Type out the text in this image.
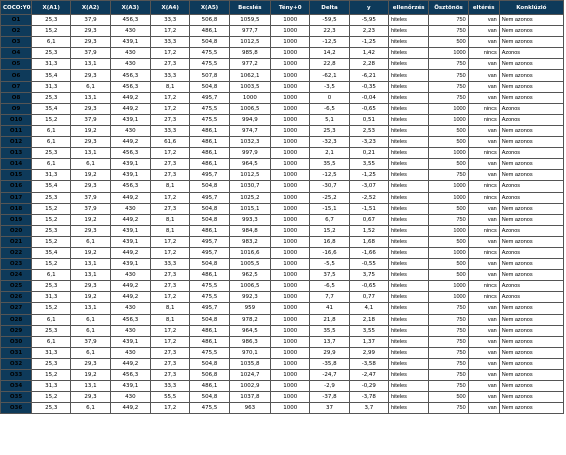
COCO:Y0	X(A1)	X(A2)	X(A3)	X(A4)	X(A5)	Becslés	Tény+0	Delta	y	ellenőrzés	Ösztönös	eltérés	Konklúzió
O1	25,3	37,9	456,3	33,3	506,8	1059,5	1000	-59,5	-5,95	hiteles	750	van	Nem azonos
O2	15,2	29,3	430	17,2	486,1	977,7	1000	22,3	2,23	hiteles	750	van	Nem azonos
O3	6,1	29,3	439,1	33,3	504,8	1012,5	1000	-12,5	-1,25	hiteles	500	van	Nem azonos
O4	25,3	37,9	430	17,2	475,5	985,8	1000	14,2	1,42	hiteles	1000	nincs	Azonos
O5	31,3	13,1	430	27,3	475,5	977,2	1000	22,8	2,28	hiteles	750	van	Nem azonos
O6	35,4	29,3	456,3	33,3	507,8	1062,1	1000	-62,1	-6,21	hiteles	750	van	Nem azonos
O7	31,3	6,1	456,3	8,1	504,8	1003,5	1000	-3,5	-0,35	hiteles	750	van	Nem azonos
O8	25,3	13,1	449,2	17,2	495,7	1000	1000	0	-0,04	hiteles	750	van	Nem azonos
O9	35,4	29,3	449,2	17,2	475,5	1006,5	1000	-6,5	-0,65	hiteles	1000	nincs	Azonos
O10	15,2	37,9	439,1	27,3	475,5	994,9	1000	5,1	0,51	hiteles	1000	nincs	Azonos
O11	6,1	19,2	430	33,3	486,1	974,7	1000	25,3	2,53	hiteles	500	van	Nem azonos
O12	6,1	29,3	449,2	61,6	486,1	1032,3	1000	-32,3	-3,23	hiteles	500	van	Nem azonos
O13	25,3	13,1	456,3	17,2	486,1	997,9	1000	2,1	0,21	hiteles	1000	nincs	Azonos
O14	6,1	6,1	439,1	27,3	486,1	964,5	1000	35,5	3,55	hiteles	500	van	Nem azonos
O15	31,3	19,2	439,1	27,3	495,7	1012,5	1000	-12,5	-1,25	hiteles	750	van	Nem azonos
O16	35,4	29,3	456,3	8,1	504,8	1030,7	1000	-30,7	-3,07	hiteles	1000	nincs	Azonos
O17	25,3	37,9	449,2	17,2	495,7	1025,2	1000	-25,2	-2,52	hiteles	1000	nincs	Azonos
O18	15,2	37,9	430	27,3	504,8	1015,1	1000	-15,1	-1,51	hiteles	500	van	Nem azonos
O19	15,2	19,2	449,2	8,1	504,8	993,3	1000	6,7	0,67	hiteles	750	van	Nem azonos
O20	25,3	29,3	439,1	8,1	486,1	984,8	1000	15,2	1,52	hiteles	1000	nincs	Azonos
O21	15,2	6,1	439,1	17,2	495,7	983,2	1000	16,8	1,68	hiteles	500	van	Nem azonos
O22	35,4	19,2	449,2	17,2	495,7	1016,6	1000	-16,6	-1,66	hiteles	1000	nincs	Azonos
O23	15,2	13,1	439,1	33,3	504,8	1005,5	1000	-5,5	-0,55	hiteles	500	van	Nem azonos
O24	6,1	13,1	430	27,3	486,1	962,5	1000	37,5	3,75	hiteles	500	van	Nem azonos
O25	25,3	29,3	449,2	27,3	475,5	1006,5	1000	-6,5	-0,65	hiteles	1000	nincs	Azonos
O26	31,3	19,2	449,2	17,2	475,5	992,3	1000	7,7	0,77	hiteles	1000	nincs	Azonos
O27	15,2	13,1	430	8,1	495,7	959	1000	41	4,1	hiteles	750	van	Nem azonos
O28	6,1	6,1	456,3	8,1	504,8	978,2	1000	21,8	2,18	hiteles	750	van	Nem azonos
O29	25,3	6,1	430	17,2	486,1	964,5	1000	35,5	3,55	hiteles	750	van	Nem azonos
O30	6,1	37,9	439,1	17,2	486,1	986,3	1000	13,7	1,37	hiteles	750	van	Nem azonos
O31	31,3	6,1	430	27,3	475,5	970,1	1000	29,9	2,99	hiteles	750	van	Nem azonos
O32	25,3	29,3	449,2	27,3	504,8	1035,8	1000	-35,8	-3,58	hiteles	750	van	Nem azonos
O33	15,2	19,2	456,3	27,3	506,8	1024,7	1000	-24,7	-2,47	hiteles	750	van	Nem azonos
O34	31,3	13,1	439,1	33,3	486,1	1002,9	1000	-2,9	-0,29	hiteles	750	van	Nem azonos
O35	15,2	29,3	430	55,5	504,8	1037,8	1000	-37,8	-3,78	hiteles	500	van	Nem azonos
O36	25,3	6,1	449,2	17,2	475,5	963	1000	37	3,7	hiteles	750	van	Nem azonos
